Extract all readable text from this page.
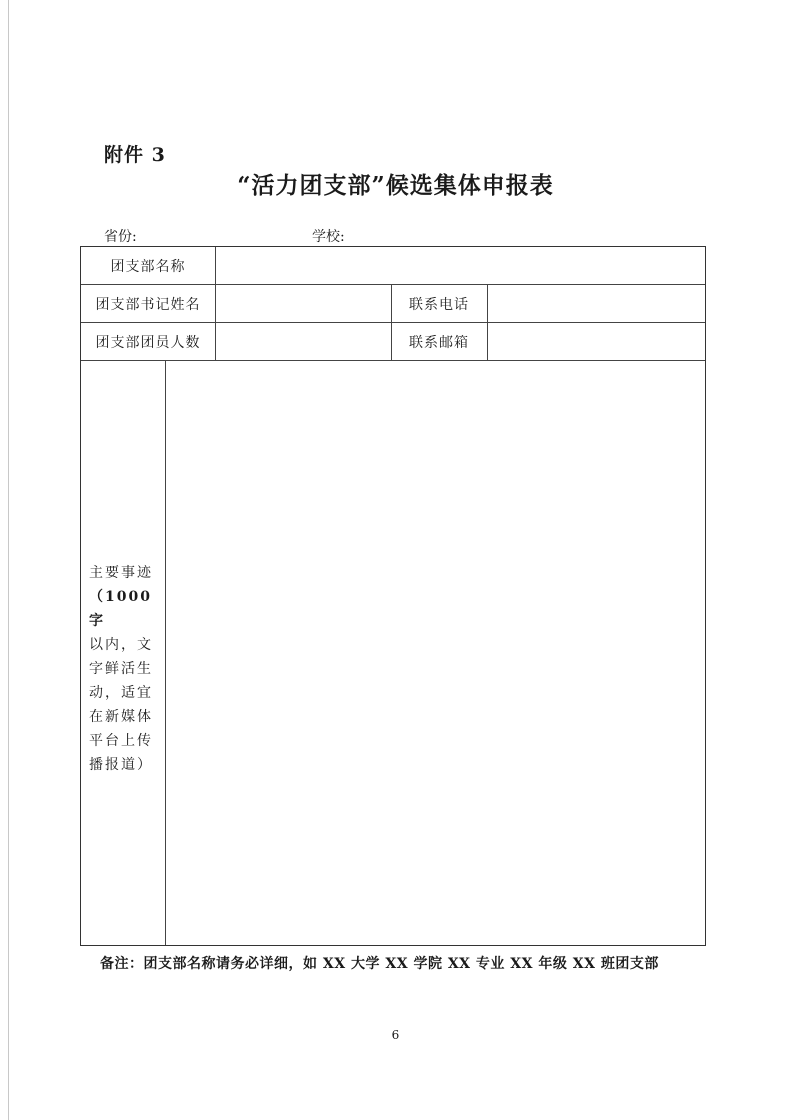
附件 3
“活力团支部”候选集体申报表
省份:	学校:
团支部名称
团支部书记姓名	联系电话
团支部团员人数	联系邮箱
主要事迹
（1000 字
以内，文
字鲜活生
动，适宜
在新媒体
平台上传
播报道）
备注：团支部名称请务必详细，如 XX 大学 XX 学院 XX 专业 XX 年级 XX 班团支部
6
